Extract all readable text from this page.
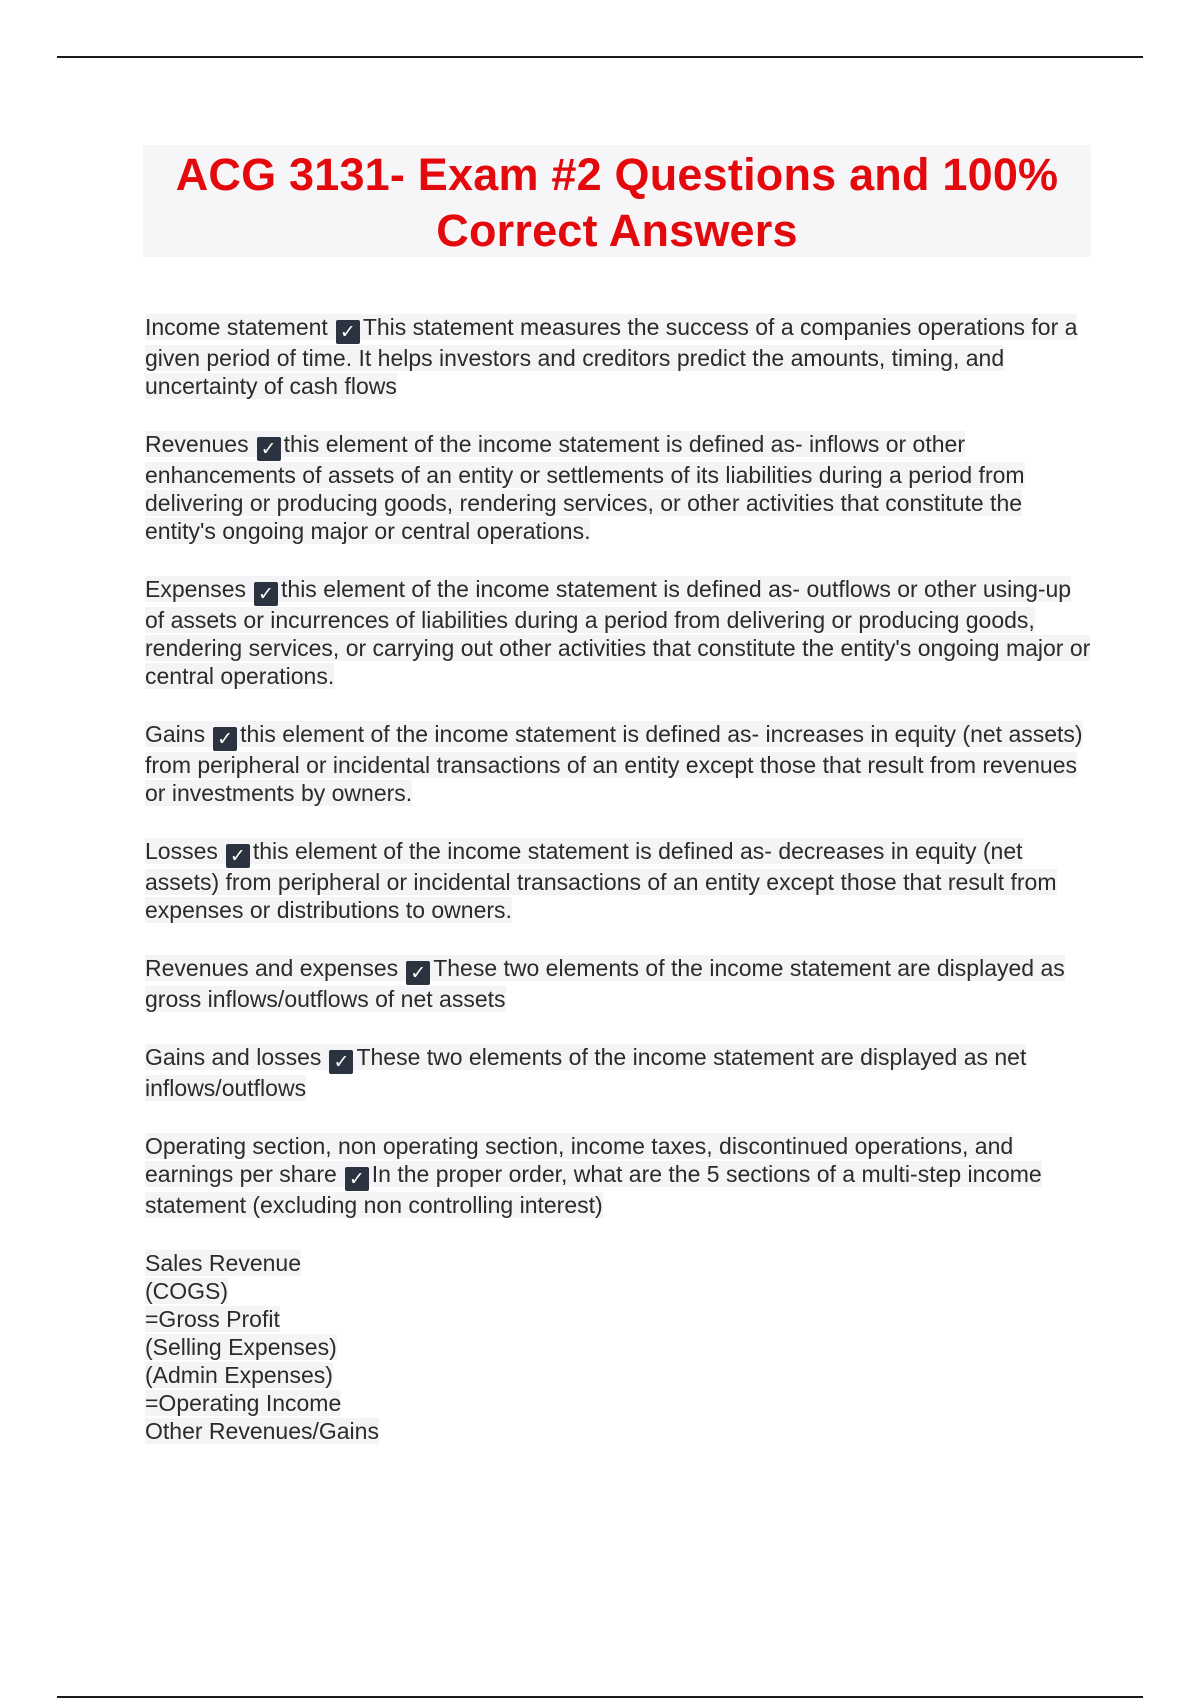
ACG 3131- Exam #2 Questions and 100% Correct Answers

Income statement ✓ This statement measures the success of a companies operations for a given period of time. It helps investors and creditors predict the amounts, timing, and uncertainty of cash flows

Revenues ✓ this element of the income statement is defined as- inflows or other enhancements of assets of an entity or settlements of its liabilities during a period from delivering or producing goods, rendering services, or other activities that constitute the entity's ongoing major or central operations.

Expenses ✓ this element of the income statement is defined as- outflows or other using-up of assets or incurrences of liabilities during a period from delivering or producing goods, rendering services, or carrying out other activities that constitute the entity's ongoing major or central operations.

Gains ✓ this element of the income statement is defined as- increases in equity (net assets) from peripheral or incidental transactions of an entity except those that result from revenues or investments by owners.

Losses ✓ this element of the income statement is defined as- decreases in equity (net assets) from peripheral or incidental transactions of an entity except those that result from expenses or distributions to owners.

Revenues and expenses ✓ These two elements of the income statement are displayed as gross inflows/outflows of net assets

Gains and losses ✓ These two elements of the income statement are displayed as net inflows/outflows

Operating section, non operating section, income taxes, discontinued operations, and earnings per share ✓ In the proper order, what are the 5 sections of a multi-step income statement (excluding non controlling interest)

Sales Revenue
(COGS)
=Gross Profit
(Selling Expenses)
(Admin Expenses)
=Operating Income
Other Revenues/Gains
